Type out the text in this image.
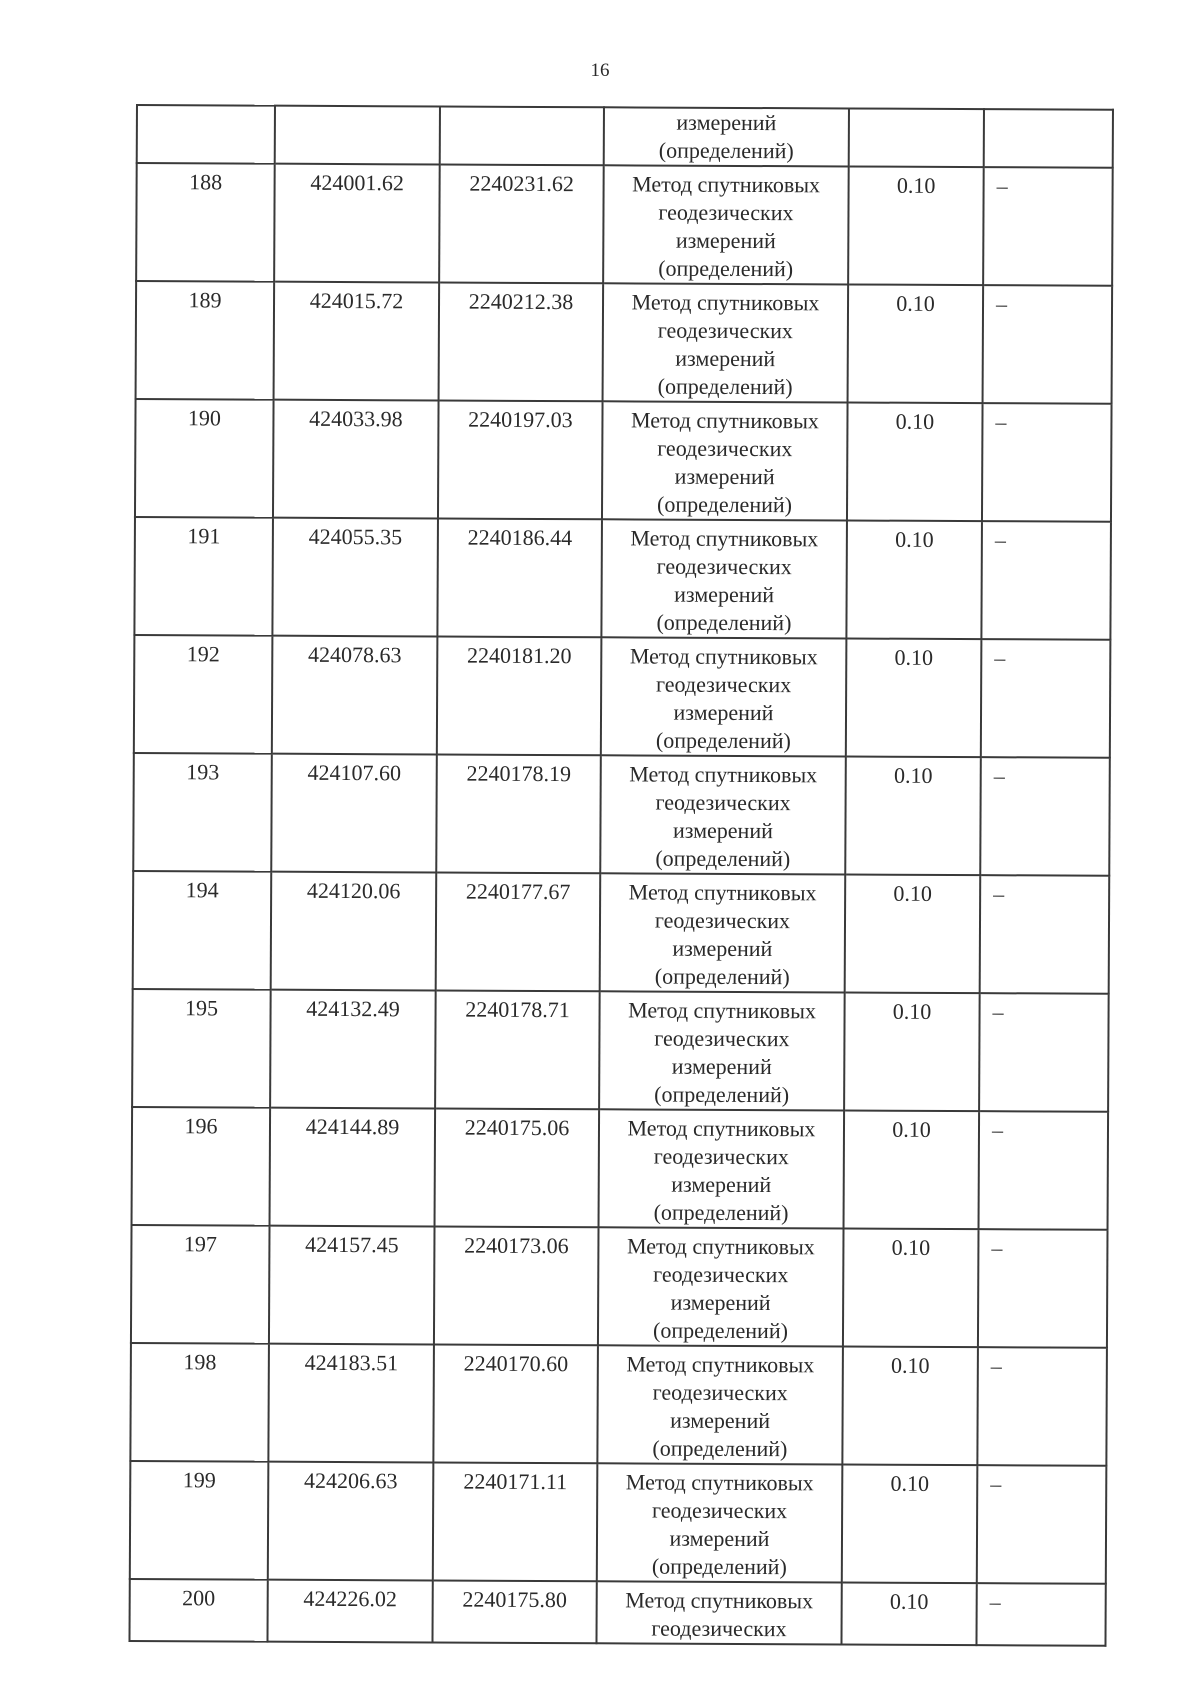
16

			измерений
(определений)		

188	424001.62	2240231.62	Метод спутниковых
геодезических
измерений
(определений)	0.10	–
189	424015.72	2240212.38	Метод спутниковых
геодезических
измерений
(определений)	0.10	–
190	424033.98	2240197.03	Метод спутниковых
геодезических
измерений
(определений)	0.10	–
191	424055.35	2240186.44	Метод спутниковых
геодезических
измерений
(определений)	0.10	–
192	424078.63	2240181.20	Метод спутниковых
геодезических
измерений
(определений)	0.10	–
193	424107.60	2240178.19	Метод спутниковых
геодезических
измерений
(определений)	0.10	–
194	424120.06	2240177.67	Метод спутниковых
геодезических
измерений
(определений)	0.10	–
195	424132.49	2240178.71	Метод спутниковых
геодезических
измерений
(определений)	0.10	–
196	424144.89	2240175.06	Метод спутниковых
геодезических
измерений
(определений)	0.10	–
197	424157.45	2240173.06	Метод спутниковых
геодезических
измерений
(определений)	0.10	–
198	424183.51	2240170.60	Метод спутниковых
геодезических
измерений
(определений)	0.10	–
199	424206.63	2240171.11	Метод спутниковых
геодезических
измерений
(определений)	0.10	–
200	424226.02	2240175.80	Метод спутниковых
геодезических	0.10	–
